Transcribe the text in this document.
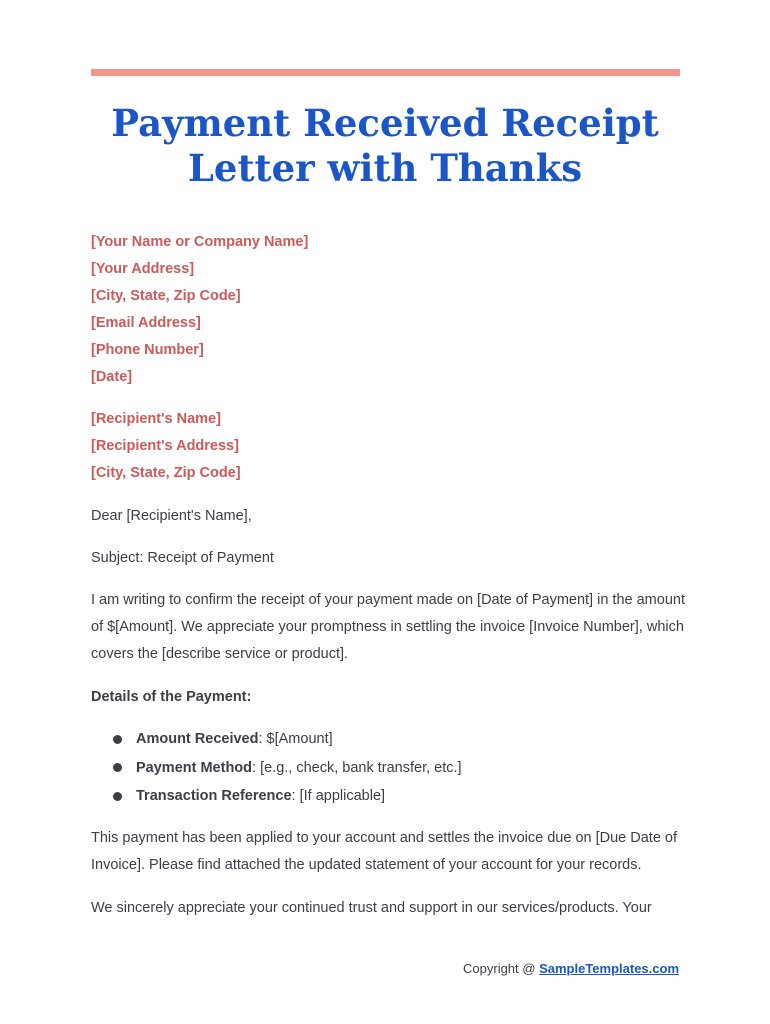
Payment Received Receipt
Letter with Thanks

[Your Name or Company Name]

[Your Address]

[City, State, Zip Code]

[Email Address]

[Phone Number]

[Date]

[Recipient's Name]

[Recipient's Address]

[City, State, Zip Code]

Dear [Recipient's Name],

Subject: Receipt of Payment

I am writing to confirm the receipt of your payment made on [Date of Payment] in the amount of $[Amount]. We appreciate your promptness in settling the invoice [Invoice Number], which covers the [describe service or product].

Details of the Payment:

Amount Received: $[Amount]
Payment Method: [e.g., check, bank transfer, etc.]
Transaction Reference: [If applicable]

This payment has been applied to your account and settles the invoice due on [Due Date of Invoice]. Please find attached the updated statement of your account for your records.

We sincerely appreciate your continued trust and support in our services/products. Your

Copyright @ SampleTemplates.com
